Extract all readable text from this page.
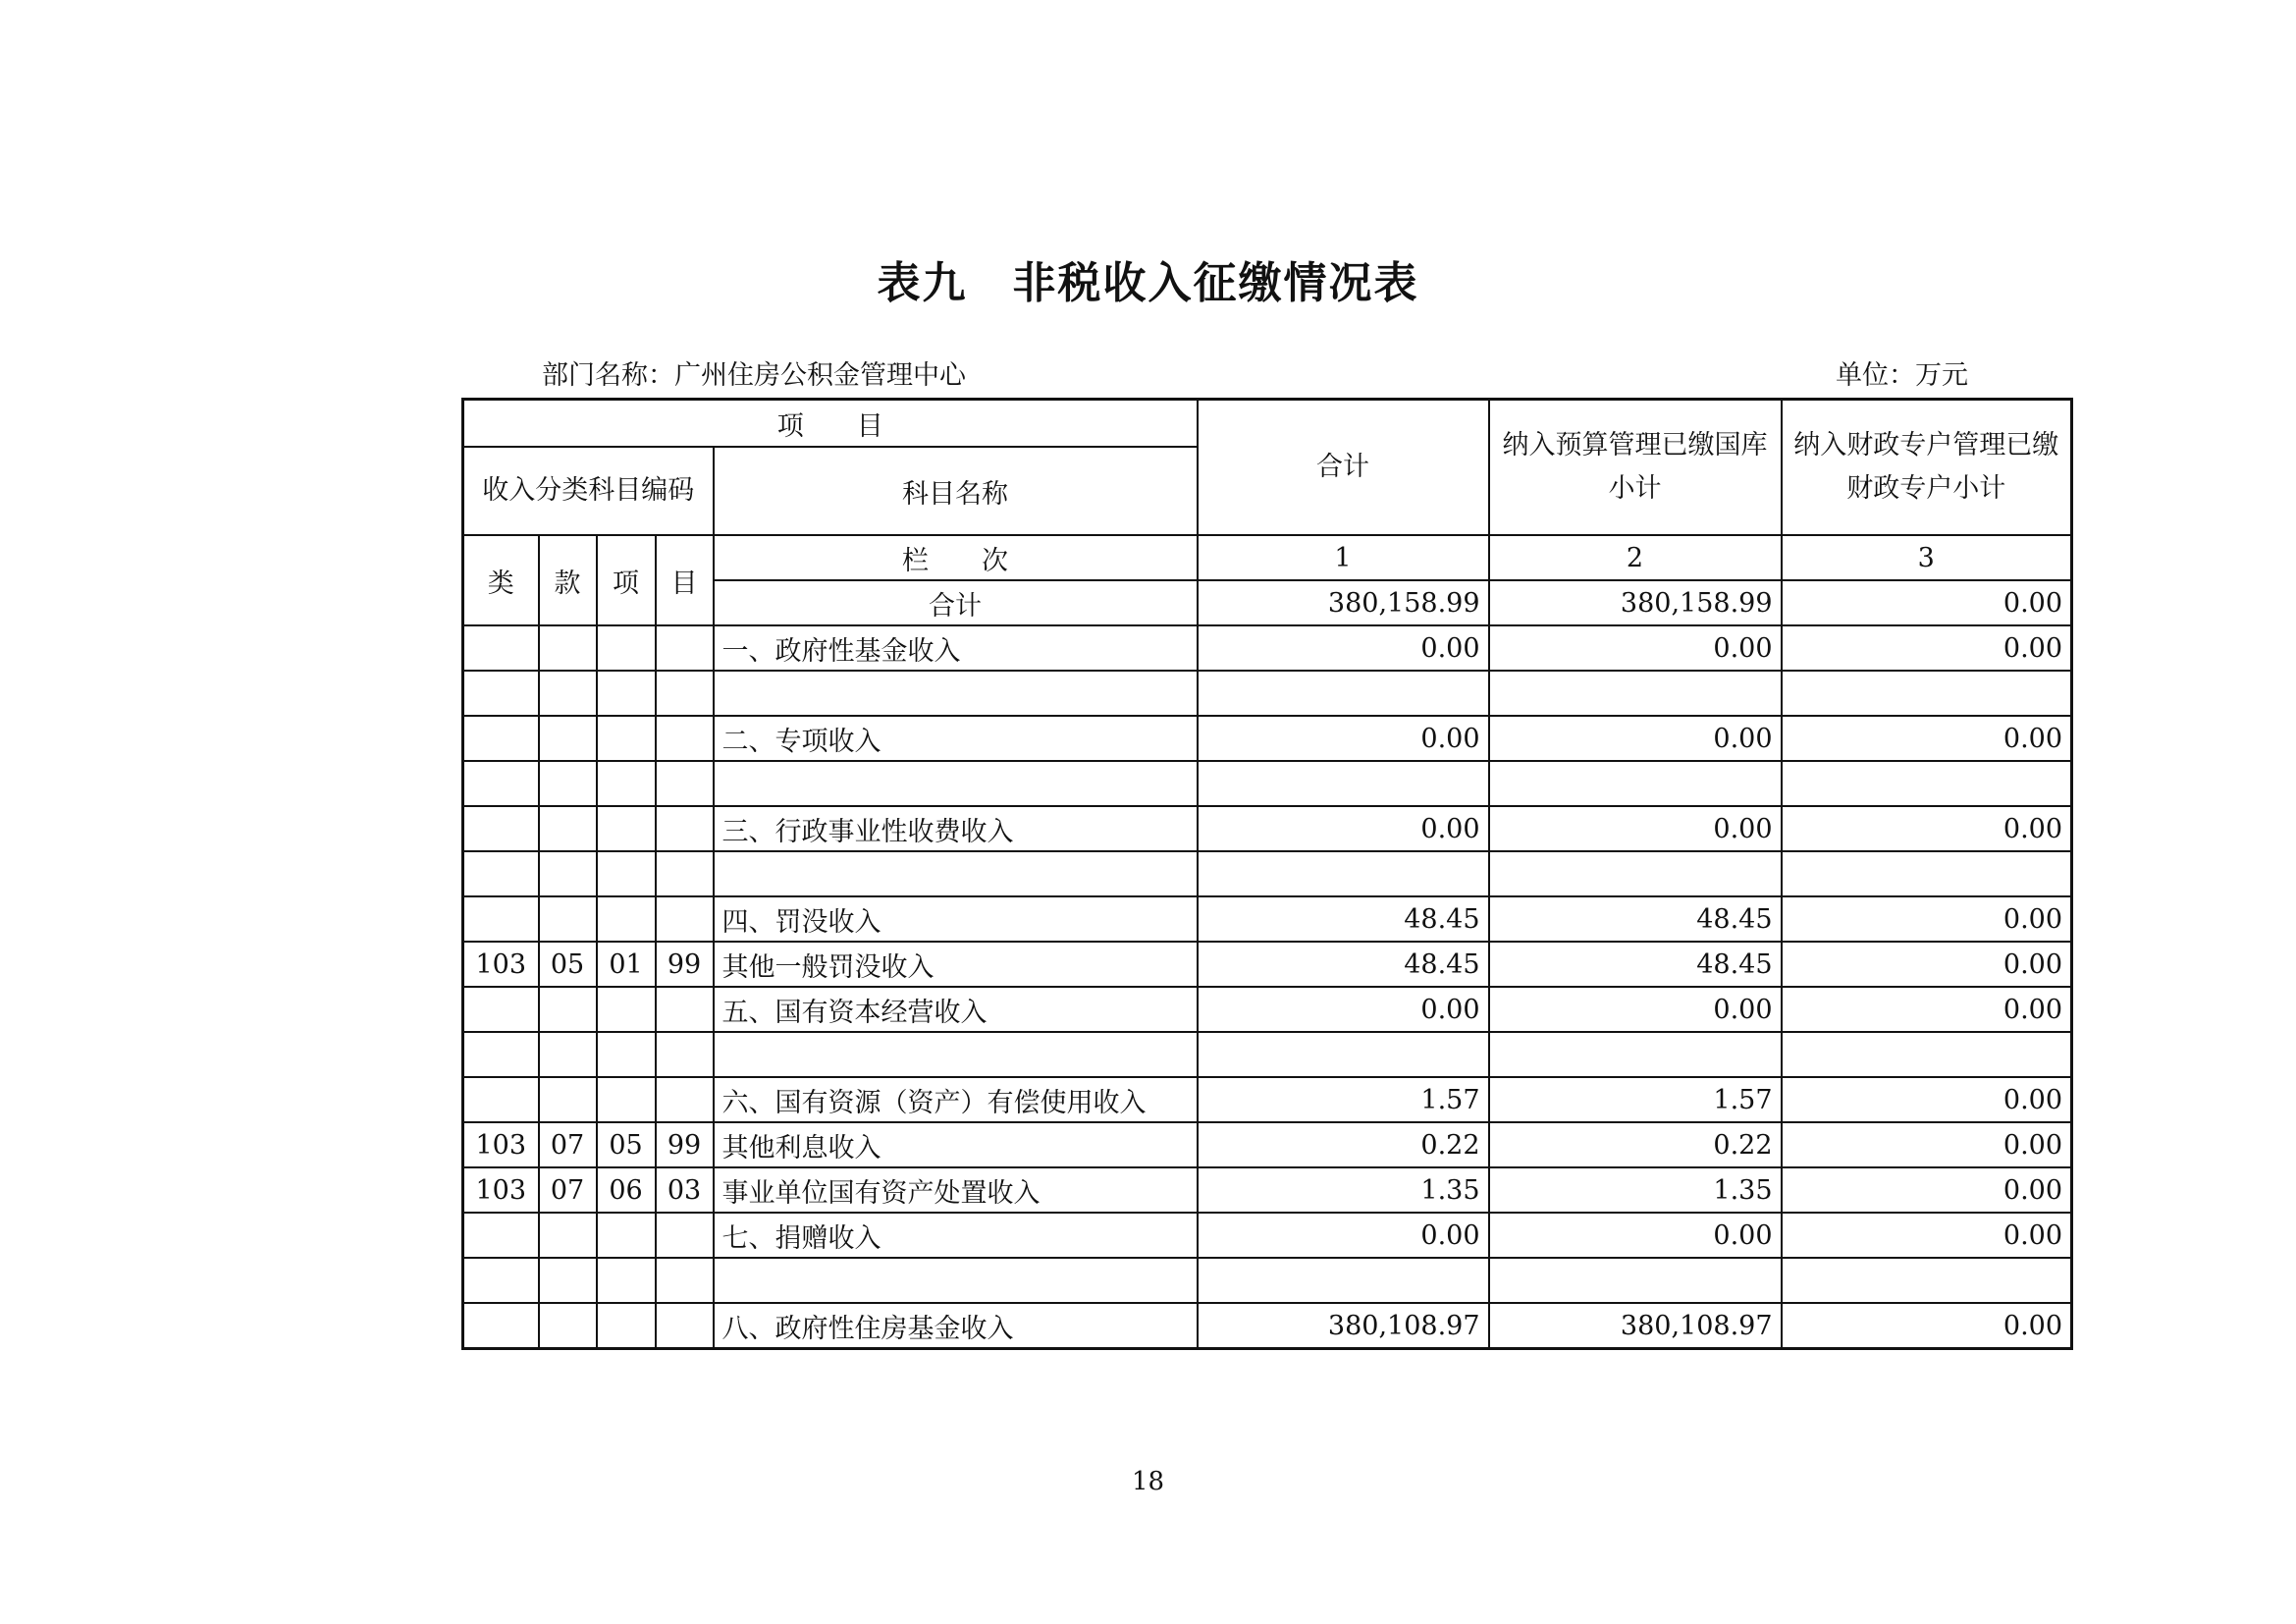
表九　非税收入征缴情况表
部门名称：广州住房公积金管理中心	单位：万元
项　　目					合计	纳入预算管理已缴国库小计	纳入财政专户管理已缴财政专户小计
收入分类科目编码				科目名称			
类	款	项	目	栏　　次	1	2	3
				合计	380,158.99	380,158.99	0.00
				一、政府性基金收入	0.00	0.00	0.00

				二、专项收入	0.00	0.00	0.00

				三、行政事业性收费收入	0.00	0.00	0.00

				四、罚没收入	48.45	48.45	0.00
103	05	01	99	其他一般罚没收入	48.45	48.45	0.00
				五、国有资本经营收入	0.00	0.00	0.00

				六、国有资源（资产）有偿使用收入	1.57	1.57	0.00
103	07	05	99	其他利息收入	0.22	0.22	0.00
103	07	06	03	事业单位国有资产处置收入	1.35	1.35	0.00
				七、捐赠收入	0.00	0.00	0.00

				八、政府性住房基金收入	380,108.97	380,108.97	0.00
18
